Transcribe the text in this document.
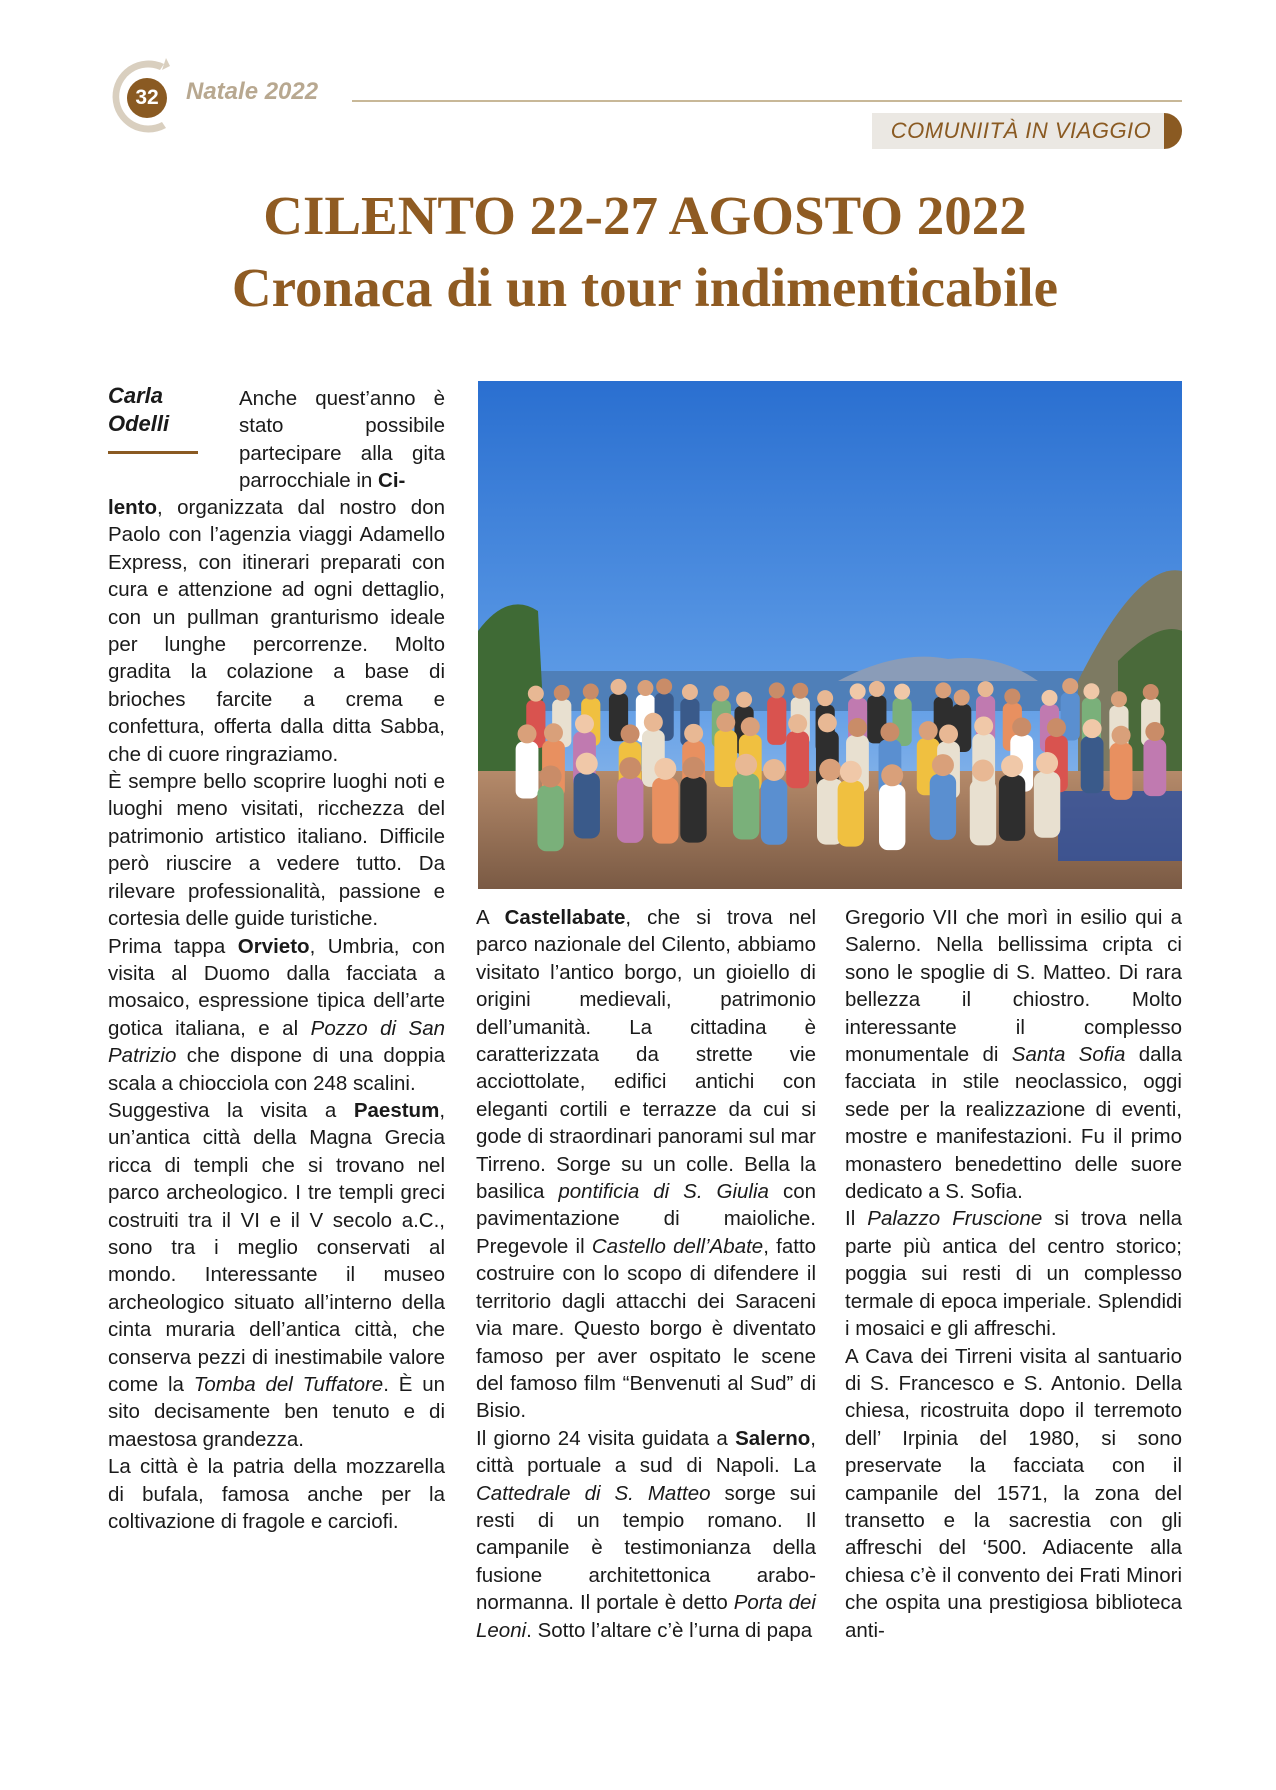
32	Natale 2022
COMUNIITÀ IN VIAGGIO
CILENTO 22-27 AGOSTO 2022
Cronaca di un tour indimenticabile
Carla
Odelli

Anche quest’anno è stato possibile partecipare alla gita parrocchiale in Ci-

lento, organizzata dal nostro don Paolo con l’agenzia viaggi Adamello Express, con itinerari preparati con cura e attenzione ad ogni dettaglio, con un pullman granturismo ideale per lunghe percorrenze. Molto gradita la colazione a base di brioches farcite a crema e confettura, offerta dalla ditta Sabba, che di cuore ringraziamo.

È sempre bello scoprire luoghi noti e luoghi meno visitati, ricchezza del patrimonio artistico italiano. Difficile però riuscire a vedere tutto. Da rilevare professionalità, passione e cortesia delle guide turistiche.

Prima tappa Orvieto, Umbria, con visita al Duomo dalla facciata a mosaico, espressione tipica dell’arte gotica italiana, e al Pozzo di San Patrizio che dispone di una doppia scala a chiocciola con 248 scalini.

Suggestiva la visita a Paestum, un’antica città della Magna Grecia ricca di templi che si trovano nel parco archeologico. I tre templi greci costruiti tra il VI e il V secolo a.C., sono tra i meglio conservati al mondo. Interessante il museo archeologico situato all’interno della cinta muraria dell’antica città, che conserva pezzi di inestimabile valore come la Tomba del Tuffatore. È un sito decisamente ben tenuto e di maestosa grandezza.

La città è la patria della mozzarella di bufala, famosa anche per la coltivazione di fragole e carciofi.

A Castellabate, che si trova nel parco nazionale del Cilento, abbiamo visitato l’antico borgo, un gioiello di origini medievali, patrimonio dell’umanità. La cittadina è caratterizzata da strette vie acciottolate, edifici antichi con eleganti cortili e terrazze da cui si gode di straordinari panorami sul mar Tirreno. Sorge su un colle. Bella la basilica pontificia di S. Giulia con pavimentazione di maioliche. Pregevole il Castello dell’Abate, fatto costruire con lo scopo di difendere il territorio dagli attacchi dei Saraceni via mare. Questo borgo è diventato famoso per aver ospitato le scene del famoso film “Benvenuti al Sud” di Bisio.

Il giorno 24 visita guidata a Salerno, città portuale a sud di Napoli. La Cattedrale di S. Matteo sorge sui resti di un tempio romano. Il campanile è testimonianza della fusione architettonica arabo-normanna. Il portale è detto Porta dei Leoni. Sotto l’altare c’è l’urna di papa

Gregorio VII che morì in esilio qui a Salerno. Nella bellissima cripta ci sono le spoglie di S. Matteo. Di rara bellezza il chiostro. Molto interessante il complesso monumentale di Santa Sofia dalla facciata in stile neoclassico, oggi sede per la realizzazione di eventi, mostre e manifestazioni. Fu il primo monastero benedettino delle suore dedicato a S. Sofia.

Il Palazzo Fruscione si trova nella parte più antica del centro storico; poggia sui resti di un complesso termale di epoca imperiale. Splendidi i mosaici e gli affreschi.

A Cava dei Tirreni visita al santuario di S. Francesco e S. Antonio. Della chiesa, ricostruita dopo il terremoto dell’ Irpinia del 1980, si sono preservate la facciata con il campanile del 1571, la zona del transetto e la sacrestia con gli affreschi del ‘500. Adiacente alla chiesa c’è il convento dei Frati Minori che ospita una prestigiosa biblioteca anti-
